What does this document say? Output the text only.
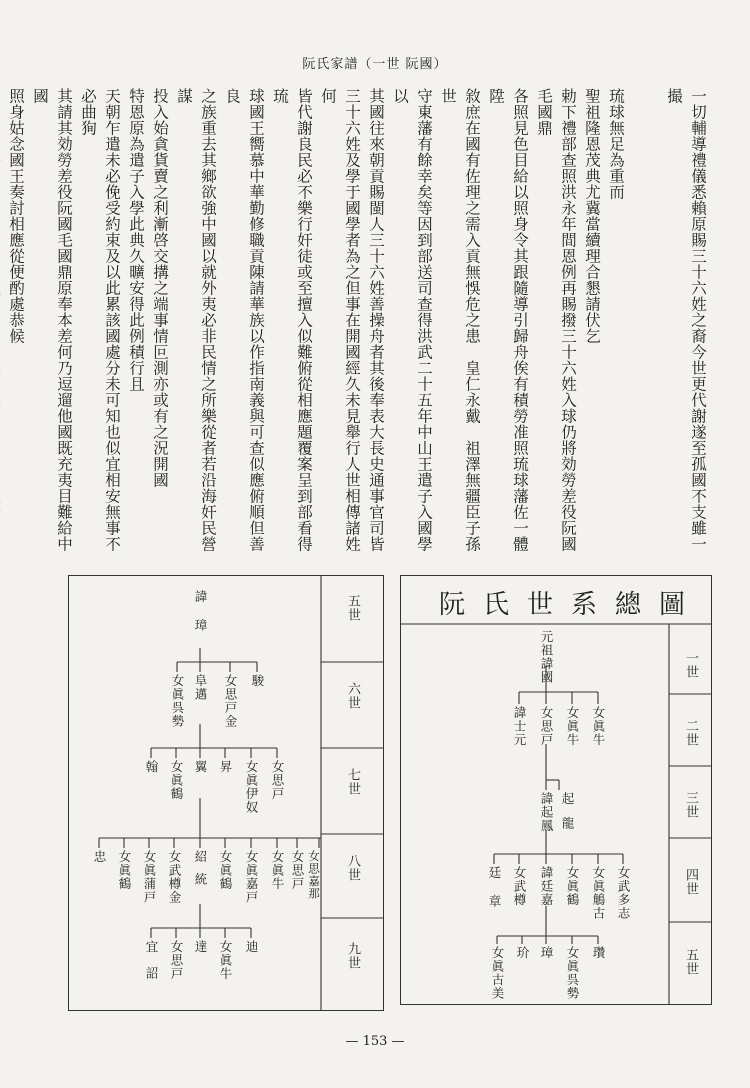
阮氏家譜（一世 阮國）

一切輔導禮儀悉賴原賜三十六姓之裔今世更代謝遂至孤國不支雖一撮

琉球無足為重而

聖祖隆恩茂典尤冀當續理合懇請伏乞

勅下禮部查照洪永年間恩例再賜撥三十六姓入球仍將効勞差役阮國毛國鼎

各照見色目給以照身令其跟隨導引歸舟俟有積勞准照琉球藩佐一體陞

敘庶在國有佐理之需入貢無悞危之患　皇仁永戴　祖澤無疆臣子孫世

守東藩有餘幸矣等因到部送司查得洪武二十五年中山王遣子入國學以

其國往來朝貢賜閩人三十六姓善操舟者其後奉表大長史通事官司皆

三十六姓及學于國學者為之但事在開國經久未見舉行人世相傳諸姓何

皆代謝良民必不樂行奸徒或至擅入似難俯從相應題覆案呈到部看得琉

球國王嚮慕中華勤修職貢陳請華族以作指南義與可查似應俯順但善良

之族重去其鄉欲強中國以就外夷必非民情之所樂從者若沿海奸民營謀

投入始貪貨賣之利漸啓交搆之端事情叵測亦或有之況開國

特恩原為遣子入學此典久曠安得此例積行且

天朝乍遣未必俛受約束及以此累該國處分未可知也似宜相安無事不必曲狥

其請其効勞差役阮國毛國鼎原奉本差何乃逗遛他國既充夷目難給中國

照身姑念國王奏討相應從便酌處恭候

阮氏世系總圖
一世
二世
三世
四世
五世
元祖諱國
諱士元 女思戸 女眞牛 女眞牛
諱起鳳 起龍
廷章 女武樽 諱廷嘉 女眞鶴 女眞鵤古 女武多志
女眞古美 玠 璋 女眞呉勢 瓚
五世
六世
七世
八世
九世
諱璋
女眞呉勢 阜邁 女思戸金 駿
翰 女眞鶴 翼 昇 女眞伊奴 女思戸
忠 女眞鶴 女眞蒲戸 女武樽金 紹統 女眞鶴 女眞嘉戸 女眞牛 女思戸 女思嘉那
宜詔 女思戸 達 女眞牛 迪
— 153 —
